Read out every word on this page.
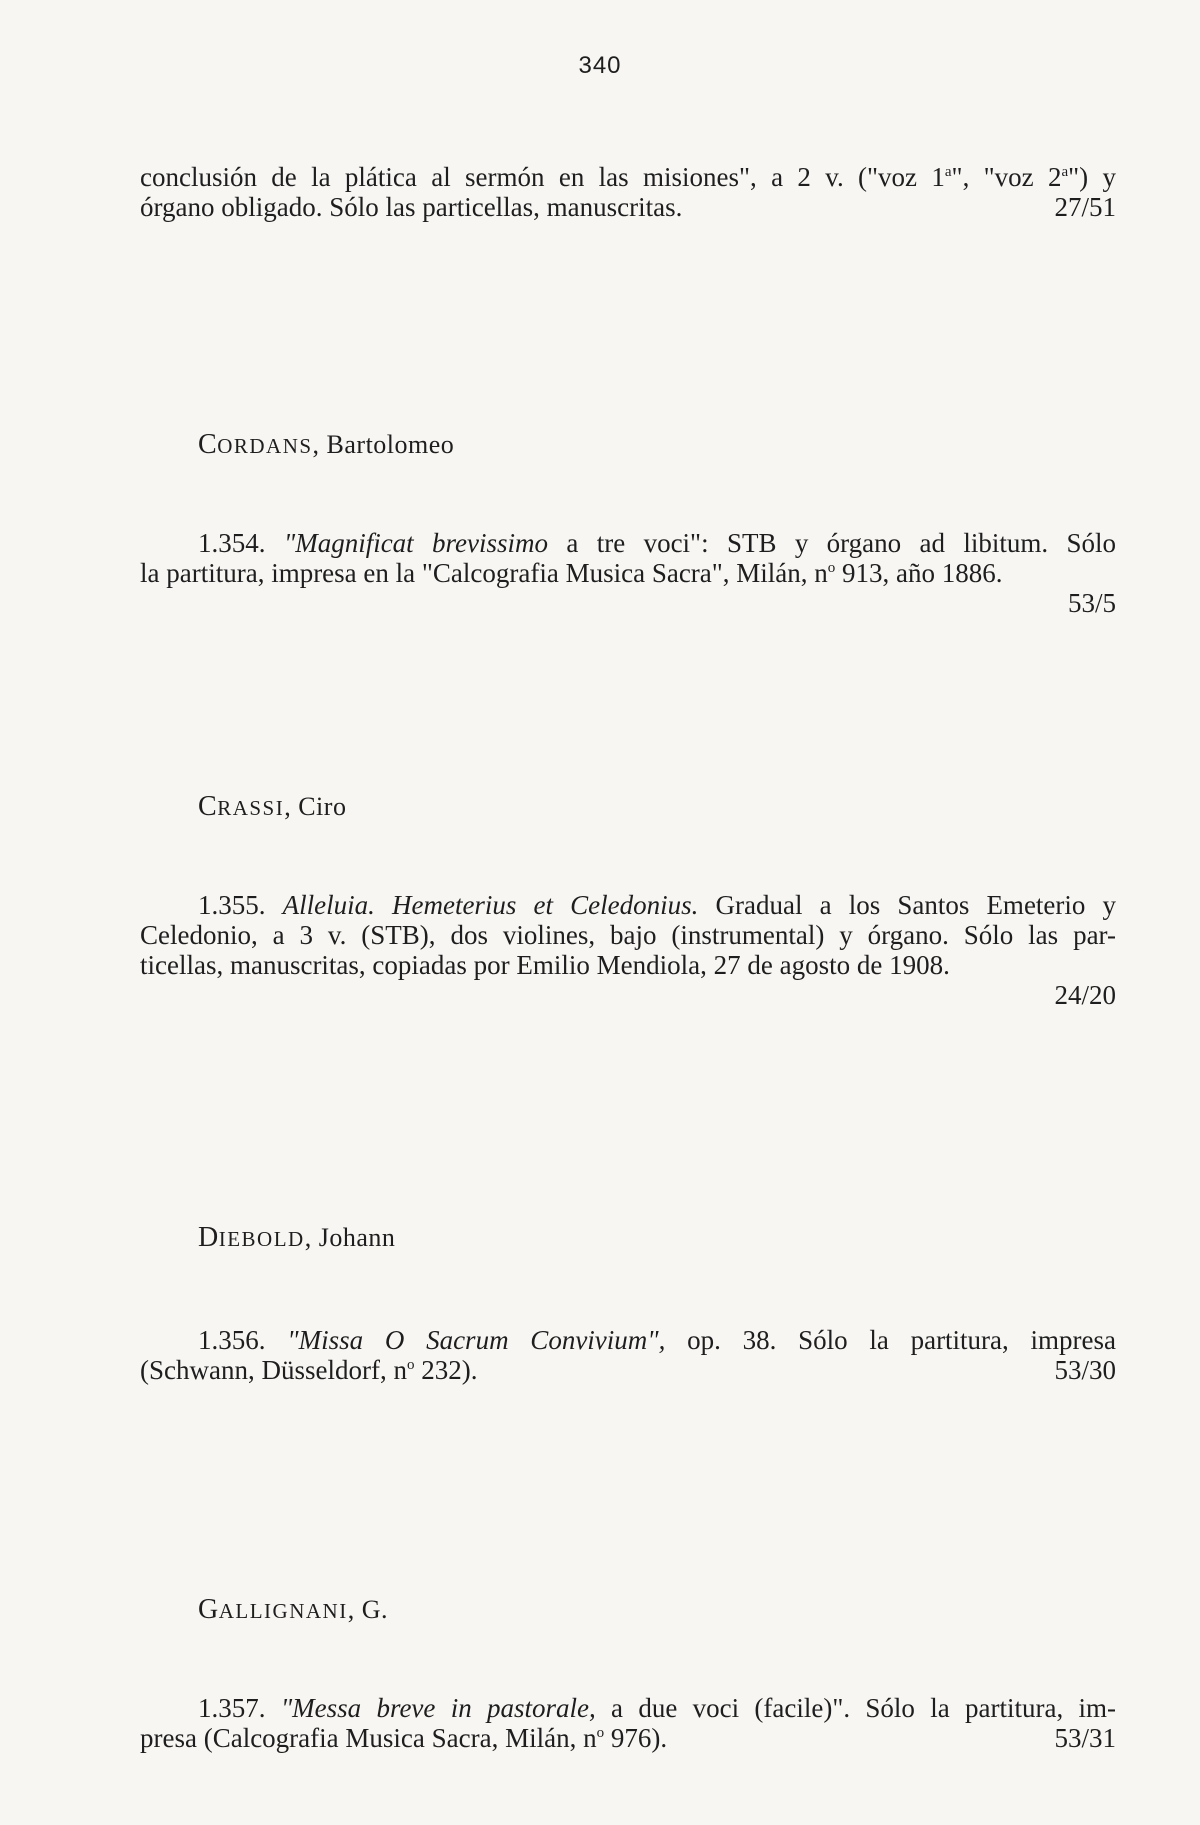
340
conclusión de la plática al sermón en las misiones", a 2 v. ("voz 1$^a$", "voz 2$^a$") y
órgano obligado. Sólo las particellas, manuscritas.	27/51
CORDANS, Bartolomeo
1.354. "Magnificat brevissimo a tre voci": STB y órgano ad libitum. Sólo
la partitura, impresa en la "Calcografia Musica Sacra", Milán, $n^o$ 913, año 1886.
53/5
CRASSI, Ciro
1.355. Alleluia. Hemeterius et Celedonius. Gradual a los Santos Emeterio y
Celedonio, a 3 v. (STB), dos violines, bajo (instrumental) y órgano. Sólo las par-
ticellas, manuscritas, copiadas por Emilio Mendiola, 27 de agosto de 1908.
24/20
DIEBOLD, Johann
1.356. "Missa O Sacrum Convivium", op. 38. Sólo la partitura, impresa
(Schwann, Düsseldorf, $n^o$ 232).	53/30
GALLIGNANI, G.
1.357. "Messa breve in pastorale, a due voci (facile)". Sólo la partitura, im-
presa (Calcografia Musica Sacra, Milán, $n^o$ 976).	53/31
